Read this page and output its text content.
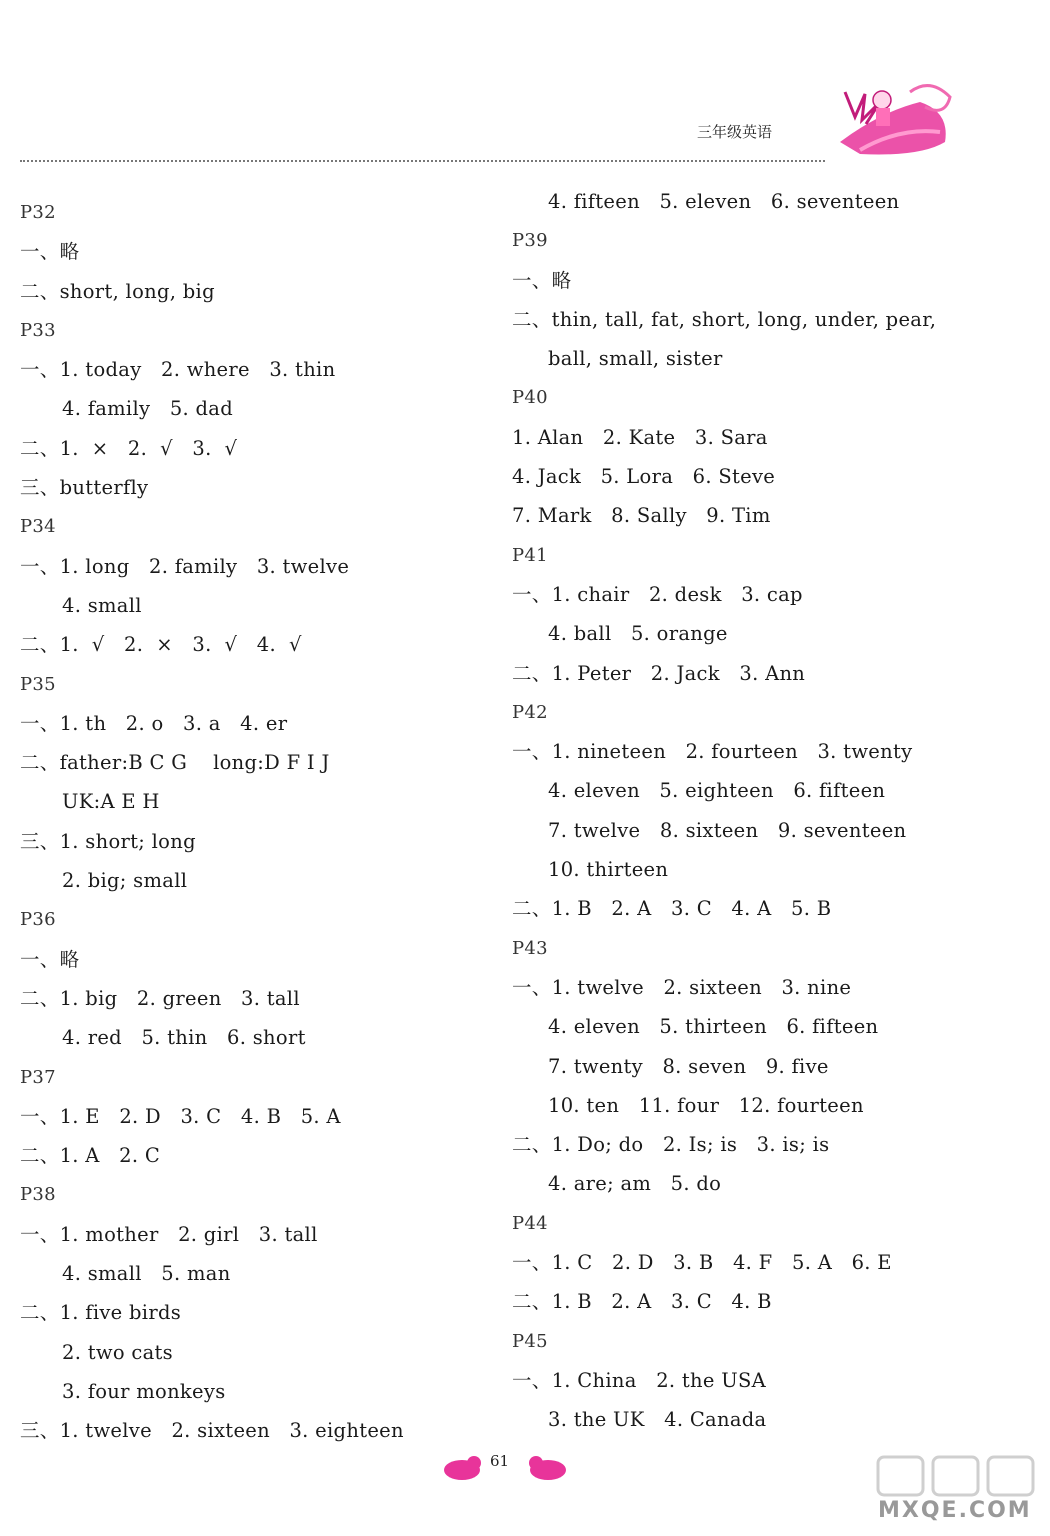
三年级英语
P32
一、略
二、short, long, big
P33
一、1. today   2. where   3. thin
4. family   5. dad
二、1.  ×   2.  √   3.  √
三、butterfly
P34
一、1. long   2. family   3. twelve
4. small
二、1.  √   2.  ×   3.  √   4.  √
P35
一、1. th   2. o   3. a   4. er
二、father:B C G    long:D F I J
UK:A E H
三、1. short; long
2. big; small
P36
一、略
二、1. big   2. green   3. tall
4. red   5. thin   6. short
P37
一、1. E   2. D   3. C   4. B   5. A
二、1. A   2. C
P38
一、1. mother   2. girl   3. tall
4. small   5. man
二、1. five birds
2. two cats
3. four monkeys
三、1. twelve   2. sixteen   3. eighteen
4. fifteen   5. eleven   6. seventeen
P39
一、略
二、thin, tall, fat, short, long, under, pear,
ball, small, sister
P40
1. Alan   2. Kate   3. Sara
4. Jack   5. Lora   6. Steve
7. Mark   8. Sally   9. Tim
P41
一、1. chair   2. desk   3. cap
4. ball   5. orange
二、1. Peter   2. Jack   3. Ann
P42
一、1. nineteen   2. fourteen   3. twenty
4. eleven   5. eighteen   6. fifteen
7. twelve   8. sixteen   9. seventeen
10. thirteen
二、1. B   2. A   3. C   4. A   5. B
P43
一、1. twelve   2. sixteen   3. nine
4. eleven   5. thirteen   6. fifteen
7. twenty   8. seven   9. five
10. ten   11. four   12. fourteen
二、1. Do; do   2. Is; is   3. is; is
4. are; am   5. do
P44
一、1. C   2. D   3. B   4. F   5. A   6. E
二、1. B   2. A   3. C   4. B
P45
一、1. China   2. the USA
3. the UK   4. Canada
61
MXQE.COM
